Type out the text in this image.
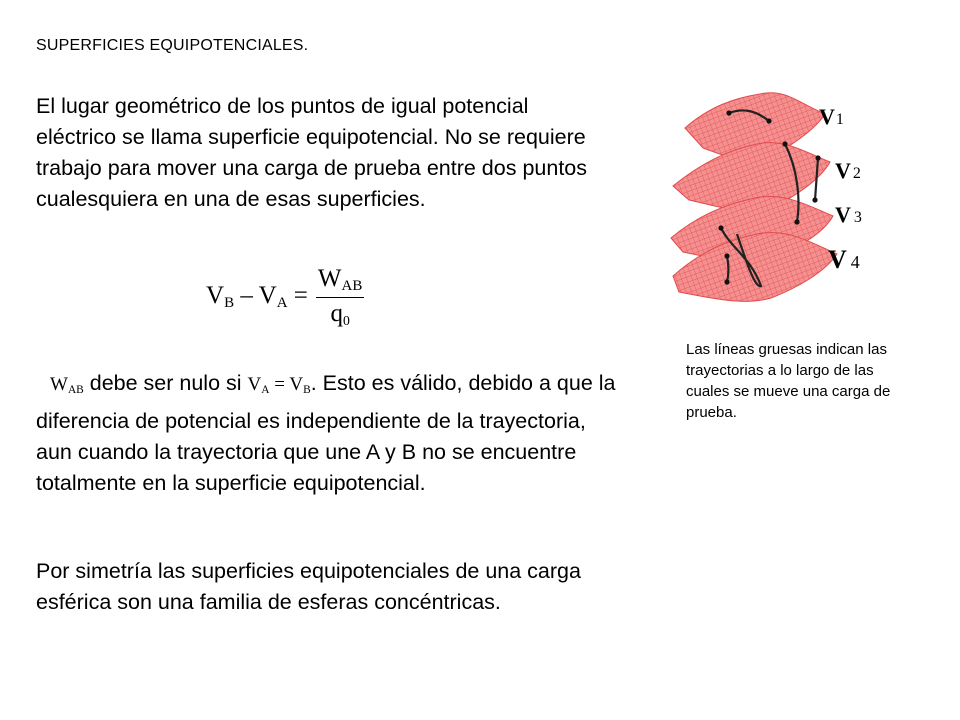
SUPERFICIES EQUIPOTENCIALES.
El lugar geométrico de los puntos de igual potencial eléctrico se llama superficie equipotencial. No se requiere trabajo para mover una carga de prueba entre dos puntos cualesquiera en una de esas superficies.
$V_B - V_A = \frac{W_{AB}}{q_0}$
$W_{AB}$ debe ser nulo si $V_A = V_B$. Esto es válido, debido a que la diferencia de potencial es independiente de la trayectoria, aun cuando la trayectoria que une A y B no se encuentre totalmente en la superficie equipotencial.
Por simetría las superficies equipotenciales de una carga esférica son una familia de esferas concéntricas.
V1
V 2
V 3
V 4
Las líneas gruesas indican las trayectorias a lo largo de las cuales se mueve una carga de prueba.
